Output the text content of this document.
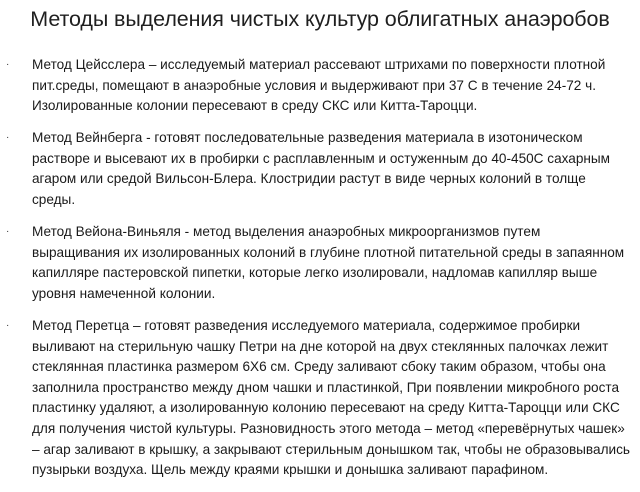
Методы выделения чистых культур облигатных анаэробов
· Метод Цейсслера – исследуемый материал рассевают штрихами по поверхности плотной пит.среды, помещают в анаэробные условия и выдерживают при 37 С в течение 24-72 ч. Изолированные колонии пересевают в среду СКС или Китта-Тароцци.
· Метод Вейнберга - готовят последовательные разведения материала в изотоническом растворе и высевают их в пробирки с расплавленным и остуженным до 40-450С сахарным агаром или средой Вильсон-Блера. Клостридии растут в виде черных колоний в толще среды.
· Метод Вейона-Виньяля - метод выделения анаэробных микроорганизмов путем выращивания их изолированных колоний в глубине плотной питательной среды в запаянном капилляре пастеровской пипетки, которые легко изолировали, надломав капилляр выше уровня намеченной колонии.
· Метод Перетца – готовят разведения исследуемого материала, содержимое пробирки выливают на стерильную чашку Петри на дне которой на двух стеклянных палочках лежит стеклянная пластинка размером 6Х6 см. Среду заливают сбоку таким образом, чтобы она заполнила пространство между дном чашки и пластинкой, При появлении микробного роста пластинку удаляют, а изолированную колонию пересевают на среду Китта-Тароцци или СКС для получения чистой культуры. Разновидность этого метода – метод «перевёрнутых чашек» – агар заливают в крышку, а закрывают стерильным донышком так, чтобы не образовывались пузырьки воздуха. Щель между краями крышки и донышка заливают парафином.
